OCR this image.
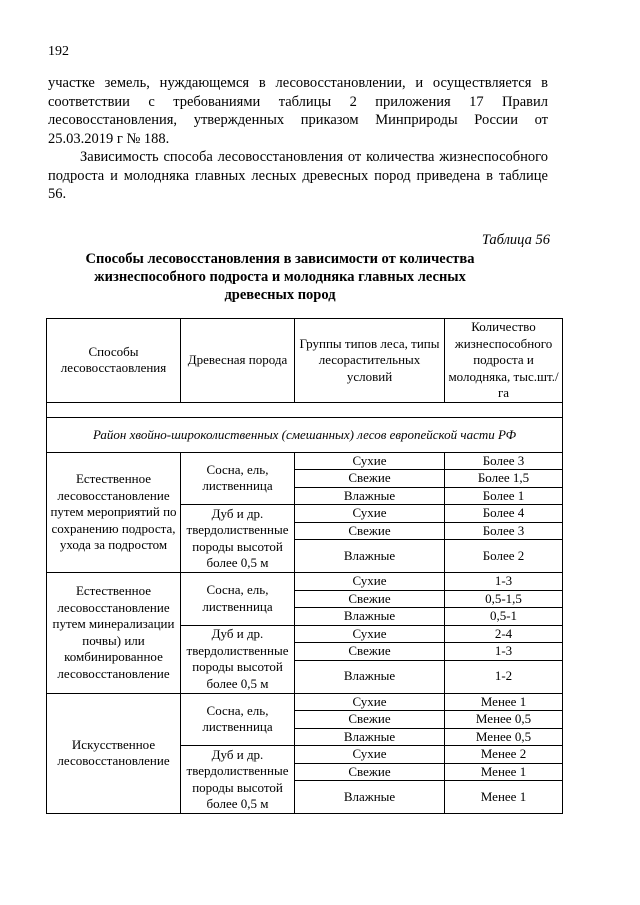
192

участке земель, нуждающемся в лесовосстановлении, и осуществляется в соответствии с требованиями таблицы 2 приложения 17 Правил лесовосстановления, утвержденных приказом Минприроды России от 25.03.2019 г № 188.

Зависимость способа лесовосстановления от количества жизнеспособного подроста и молодняка главных лесных древесных пород приведена в таблице 56.

Таблица 56
Способы лесовосстановления в зависимости от количества жизнеспособного подроста и молодняка главных лесных древесных пород
Способы лесовосстаовления	Древесная порода	Группы типов леса, типы лесорастительных условий	Количество жизнеспособного подроста и молодняка, тыс.шт./га

Район хвойно-широколиственных (смешанных) лесов европейской части РФ			
Естественное лесовосстановление путем мероприятий по сохранению подроста, ухода за подростом	Сосна, ель, лиственница	Сухие	Более 3
		Свежие	Более 1,5
		Влажные	Более 1
	Дуб и др. твердолиственные породы высотой более 0,5 м	Сухие	Более 4
		Свежие	Более 3
		Влажные	Более 2
Естественное лесовосстановление путем минерализации почвы) или комбинированное лесовосстановление	Сосна, ель, лиственница	Сухие	1-3
		Свежие	0,5-1,5
		Влажные	0,5-1
	Дуб и др. твердолиственные породы высотой более 0,5 м	Сухие	2-4
		Свежие	1-3
		Влажные	1-2
Искусственное лесовосстановление	Сосна, ель, лиственница	Сухие	Менее 1
		Свежие	Менее 0,5
		Влажные	Менее 0,5
	Дуб и др. твердолиственные породы высотой более 0,5 м	Сухие	Менее 2
		Свежие	Менее 1
		Влажные	Менее 1
